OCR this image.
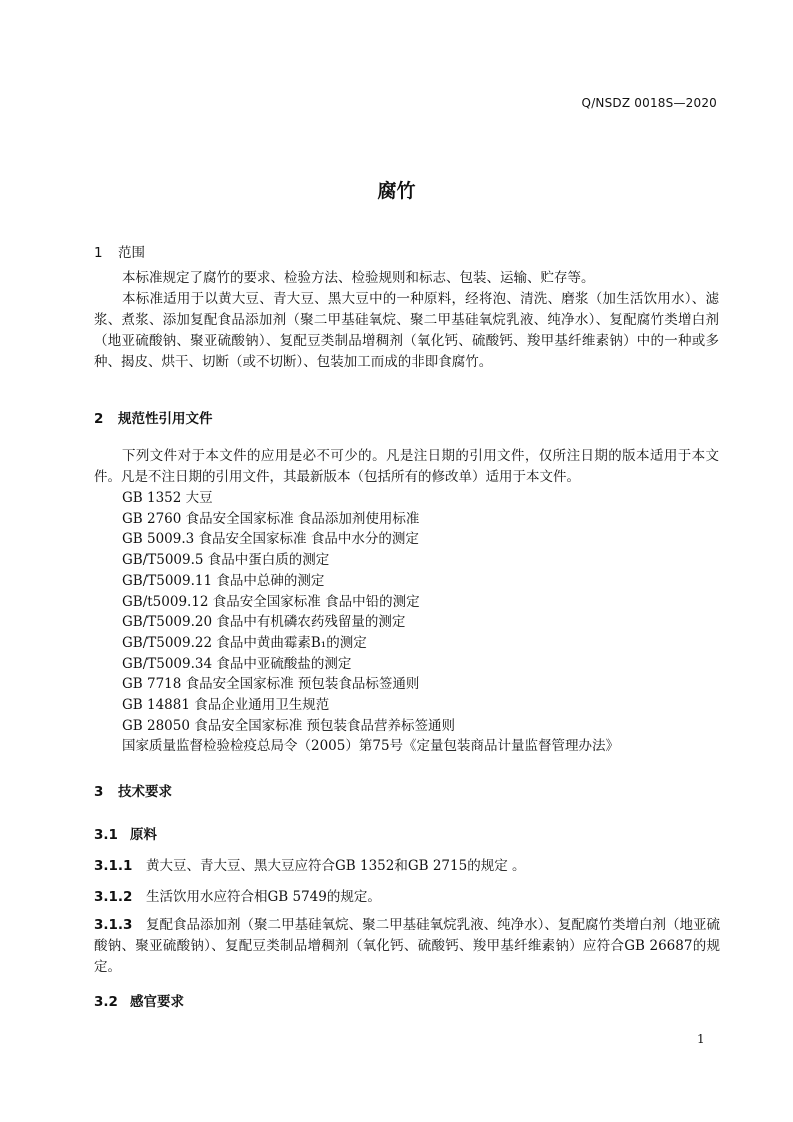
Q/NSDZ 0018S—2020
腐竹
1 范围
本标准规定了腐竹的要求、检验方法、检验规则和标志、包装、运输、贮存等。
本标准适用于以黄大豆、青大豆、黑大豆中的一种原料，经将泡、清洗、磨浆（加生活饮用水）、滤浆、煮浆、添加复配食品添加剂（聚二甲基硅氧烷、聚二甲基硅氧烷乳液、纯净水）、复配腐竹类增白剂（地亚硫酸钠、聚亚硫酸钠）、复配豆类制品增稠剂（氧化钙、硫酸钙、羧甲基纤维素钠）中的一种或多种、揭皮、烘干、切断（或不切断）、包装加工而成的非即食腐竹。
2 规范性引用文件
下列文件对于本文件的应用是必不可少的。凡是注日期的引用文件，仅所注日期的版本适用于本文件。凡是不注日期的引用文件，其最新版本（包括所有的修改单）适用于本文件。
GB 1352 大豆
GB 2760 食品安全国家标准 食品添加剂使用标准
GB 5009.3 食品安全国家标准 食品中水分的测定
GB/T5009.5 食品中蛋白质的测定
GB/T5009.11 食品中总砷的测定
GB/t5009.12 食品安全国家标准 食品中铅的测定
GB/T5009.20 食品中有机磷农药残留量的测定
GB/T5009.22 食品中黄曲霉素B₁的测定
GB/T5009.34 食品中亚硫酸盐的测定
GB 7718 食品安全国家标准 预包装食品标签通则
GB 14881 食品企业通用卫生规范
GB 28050 食品安全国家标准 预包装食品营养标签通则
国家质量监督检验检疫总局令（2005）第75号《定量包装商品计量监督管理办法》
3 技术要求
3.1 原料
3.1.1 黄大豆、青大豆、黑大豆应符合GB 1352和GB 2715的规定 。
3.1.2 生活饮用水应符合相GB 5749的规定。
3.1.3 复配食品添加剂（聚二甲基硅氧烷、聚二甲基硅氧烷乳液、纯净水）、复配腐竹类增白剂（地亚硫酸钠、聚亚硫酸钠）、复配豆类制品增稠剂（氧化钙、硫酸钙、羧甲基纤维素钠）应符合GB 26687的规定。
3.2 感官要求
1
